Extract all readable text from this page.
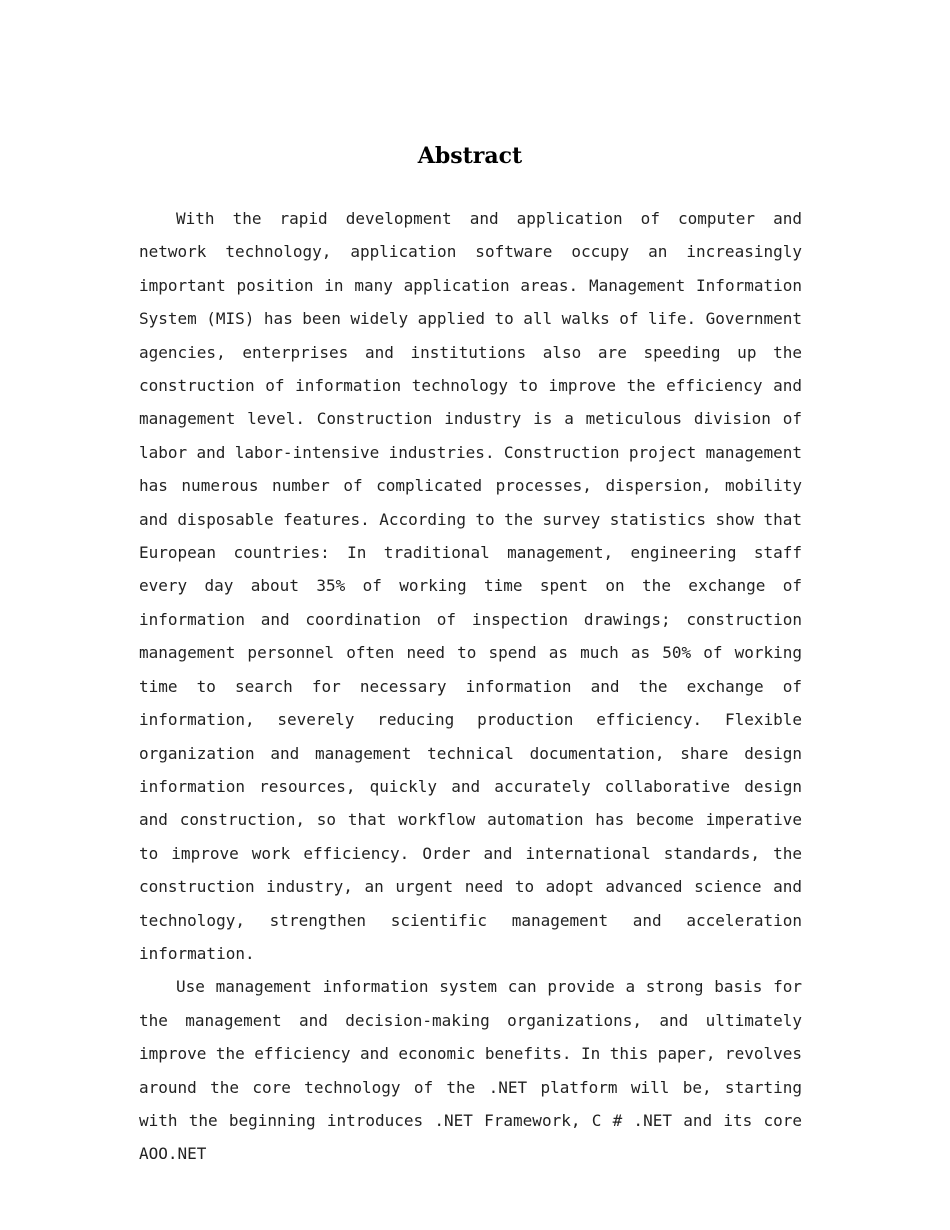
Abstract

With the rapid development and application of computer and network technology, application software occupy an increasingly important position in many application areas. Management Information System (MIS) has been widely applied to all walks of life. Government agencies, enterprises and institutions also are speeding up the construction of information technology to improve the efficiency and management level. Construction industry is a meticulous division of labor and labor-intensive industries. Construction project management has numerous number of complicated processes, dispersion, mobility and disposable features. According to the survey statistics show that European countries: In traditional management, engineering staff every day about 35% of working time spent on the exchange of information and coordination of inspection drawings; construction management personnel often need to spend as much as 50% of working time to search for necessary information and the exchange of information, severely reducing production efficiency. Flexible organization and management technical documentation, share design information resources, quickly and accurately collaborative design and construction, so that workflow automation has become imperative to improve work efficiency. Order and international standards, the construction industry, an urgent need to adopt advanced science and technology, strengthen scientific management and acceleration information.

Use management information system can provide a strong basis for the management and decision-making organizations, and ultimately improve the efficiency and economic benefits. In this paper, revolves around the core technology of the .NET platform will be, starting with the beginning introduces .NET Framework, C # .NET and its core AOO.NET
